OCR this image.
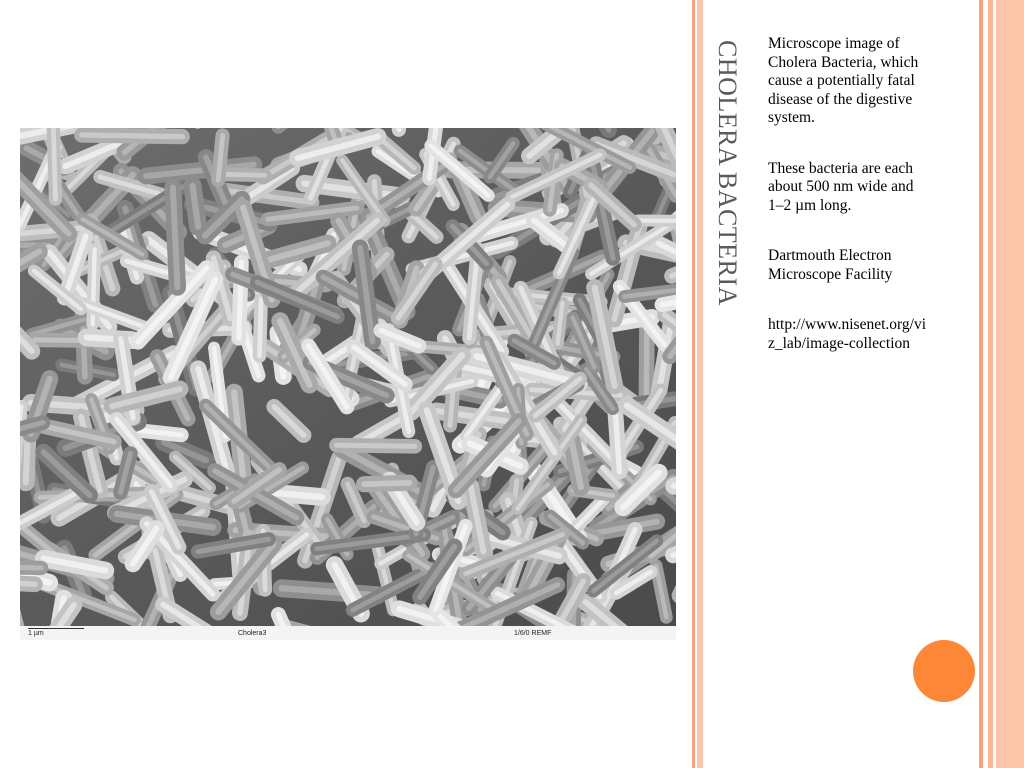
1 µm	Cholera3	1/6/0 REMF
CHOLERA BACTERIA Microscope image of Cholera Bacteria, which cause a potentially fatal disease of the digestive system.

These bacteria are each about 500 nm wide and 1–2 µm long.

Dartmouth Electron Microscope Facility

http://www.nisenet.org/viz_lab/image-collection
